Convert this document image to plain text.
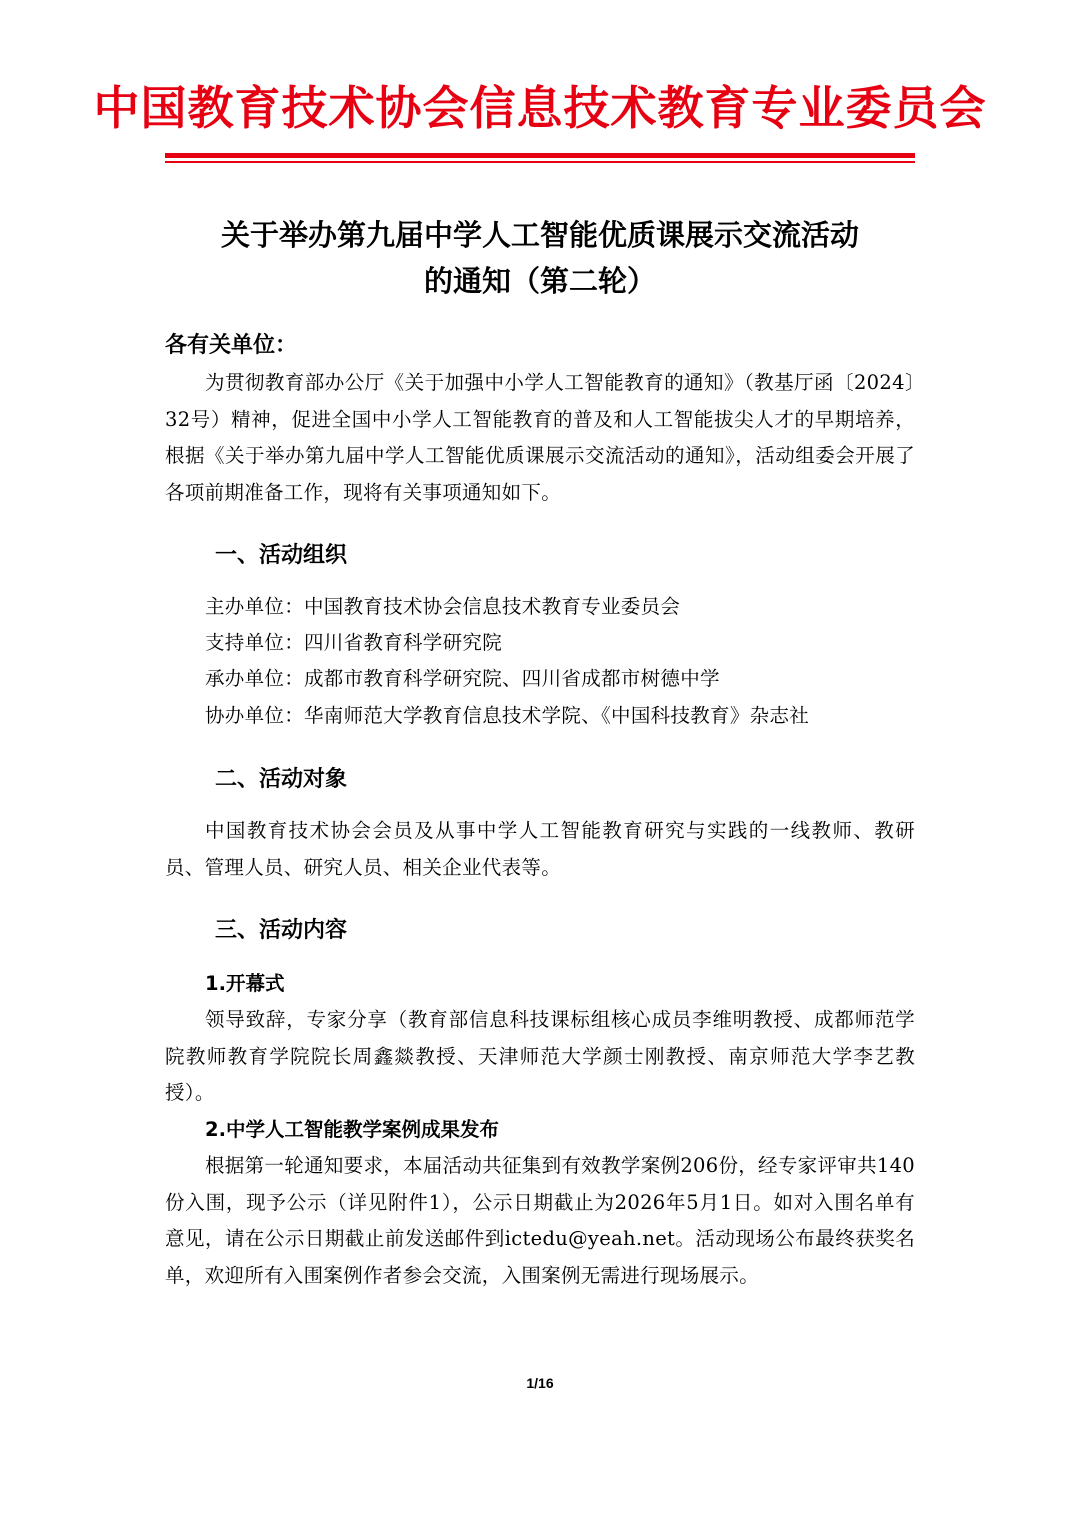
中国教育技术协会信息技术教育专业委员会
关于举办第九届中学人工智能优质课展示交流活动
的通知（第二轮）
各有关单位：
为贯彻教育部办公厅《关于加强中小学人工智能教育的通知》（教基厅函〔2024〕32号）精神，促进全国中小学人工智能教育的普及和人工智能拔尖人才的早期培养，根据《关于举办第九届中学人工智能优质课展示交流活动的通知》，活动组委会开展了各项前期准备工作，现将有关事项通知如下。
一、活动组织
主办单位：中国教育技术协会信息技术教育专业委员会
支持单位：四川省教育科学研究院
承办单位：成都市教育科学研究院、四川省成都市树德中学
协办单位：华南师范大学教育信息技术学院、《中国科技教育》杂志社
二、活动对象
中国教育技术协会会员及从事中学人工智能教育研究与实践的一线教师、教研员、管理人员、研究人员、相关企业代表等。
三、活动内容
1.开幕式
领导致辞，专家分享（教育部信息科技课标组核心成员李维明教授、成都师范学院教师教育学院院长周鑫燚教授、天津师范大学颜士刚教授、南京师范大学李艺教授）。
2.中学人工智能教学案例成果发布
根据第一轮通知要求，本届活动共征集到有效教学案例206份，经专家评审共140份入围，现予公示（详见附件1），公示日期截止为2026年5月1日。如对入围名单有意见，请在公示日期截止前发送邮件到ictedu@yeah.net。活动现场公布最终获奖名单，欢迎所有入围案例作者参会交流，入围案例无需进行现场展示。
1/16
